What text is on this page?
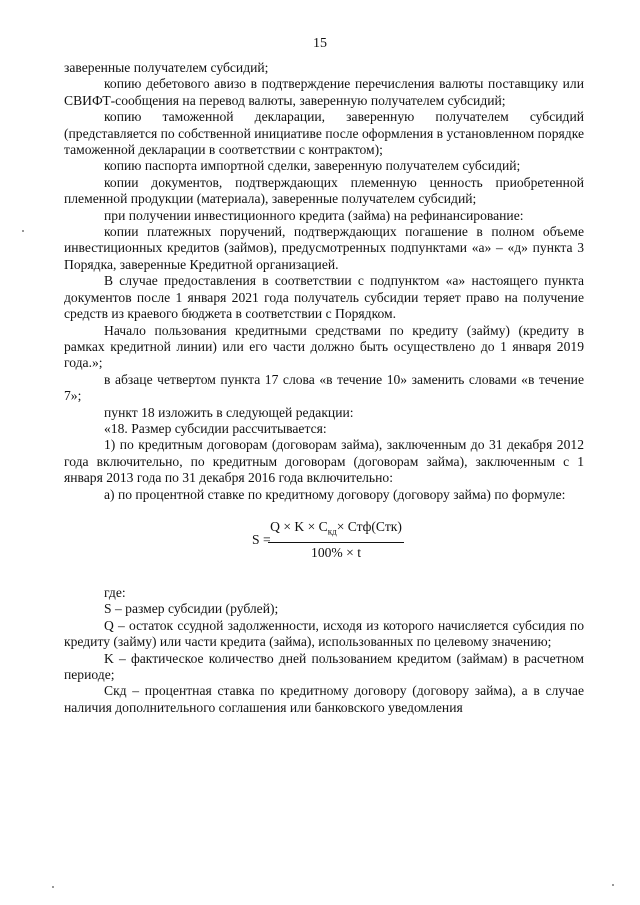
15

заверенные получателем субсидий;

копию дебетового авизо в подтверждение перечисления валюты поставщику или СВИФТ-сообщения на перевод валюты, заверенную получателем субсидий;

копию таможенной декларации, заверенную получателем субсидий (представляется по собственной инициативе после оформления в установленном порядке таможенной декларации в соответствии с контрактом);

копию паспорта импортной сделки, заверенную получателем субсидий;

копии документов, подтверждающих племенную ценность приобретенной племенной продукции (материала), заверенные получателем субсидий;

при получении инвестиционного кредита (займа) на рефинансирование:

копии платежных поручений, подтверждающих погашение в полном объеме инвестиционных кредитов (займов), предусмотренных подпунктами «а» – «д» пункта 3 Порядка, заверенные Кредитной организацией.

В случае предоставления в соответствии с подпунктом «а» настоящего пункта документов после 1 января 2021 года получатель субсидии теряет право на получение средств из краевого бюджета в соответствии с Порядком.

Начало пользования кредитными средствами по кредиту (займу) (кредиту в рамках кредитной линии) или его части должно быть осуществлено до 1 января 2019 года.»;

в абзаце четвертом пункта 17 слова «в течение 10» заменить словами «в течение 7»;

пункт 18 изложить в следующей редакции:

«18. Размер субсидии рассчитывается:

1) по кредитным договорам (договорам займа), заключенным до 31 декабря 2012 года включительно, по кредитным договорам (договорам займа), заключенным с 1 января 2013 года по 31 декабря 2016 года включительно:

а) по процентной ставке по кредитному договору (договору займа) по формуле:

S =
$Q \times K \times C_{кд}\times Стф(Стк)$
100% × t

где:

S – размер субсидии (рублей);

Q – остаток ссудной задолженности, исходя из которого начисляется субсидия по кредиту (займу) или части кредита (займа), использованных по целевому значению;

K – фактическое количество дней пользованием кредитом (займам) в расчетном периоде;

Скд – процентная ставка по кредитному договору (договору займа), а в случае наличия дополнительного соглашения или банковского уведомления
